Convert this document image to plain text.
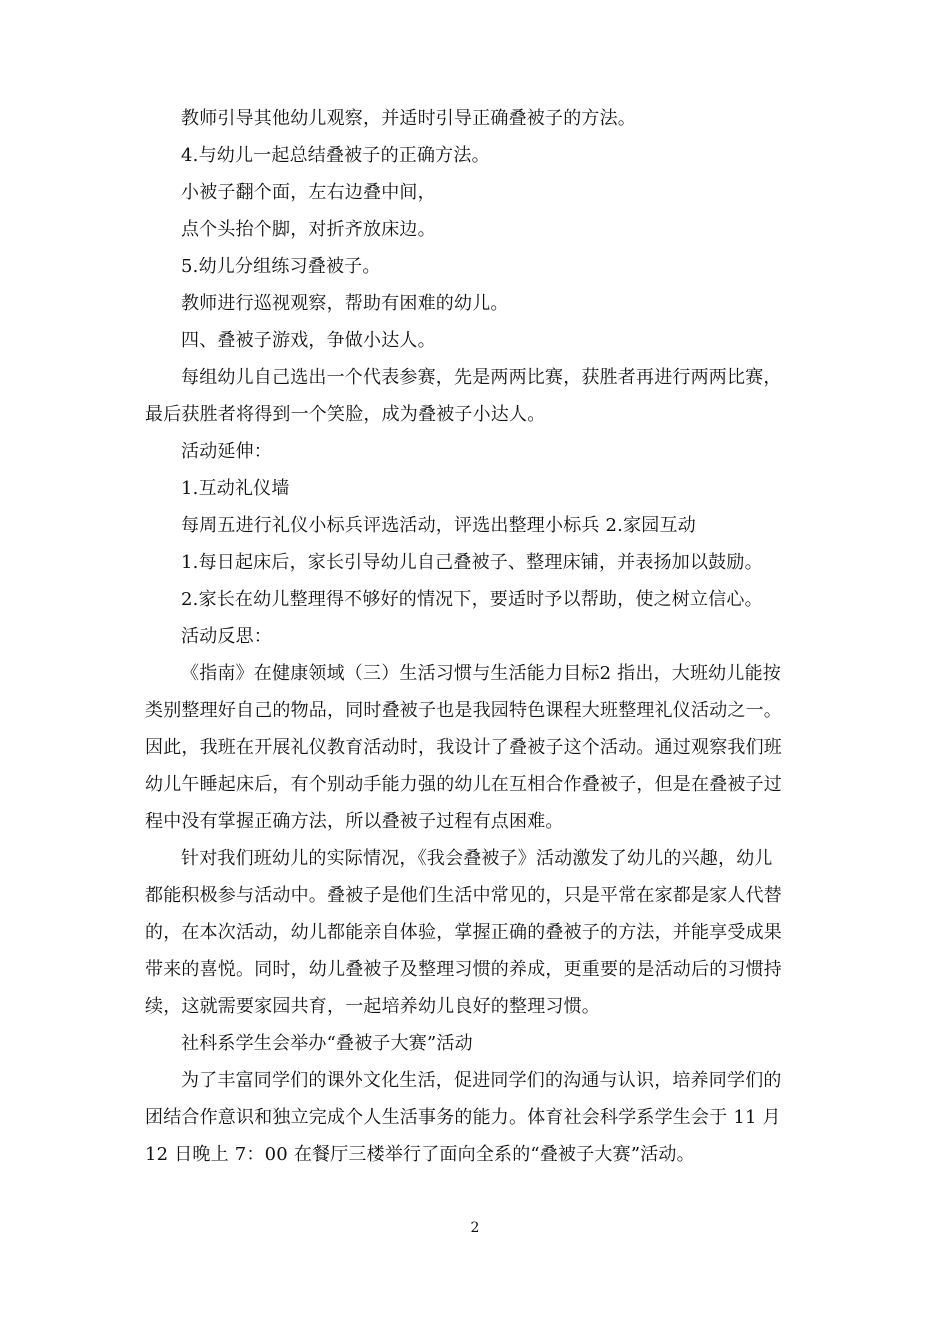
教师引导其他幼儿观察，并适时引导正确叠被子的方法。
4.与幼儿一起总结叠被子的正确方法。
小被子翻个面，左右边叠中间，
点个头抬个脚，对折齐放床边。
5.幼儿分组练习叠被子。
教师进行巡视观察，帮助有困难的幼儿。
四、叠被子游戏，争做小达人。
每组幼儿自己选出一个代表参赛，先是两两比赛，获胜者再进行两两比赛，
最后获胜者将得到一个笑脸，成为叠被子小达人。
活动延伸：
1.互动礼仪墙
每周五进行礼仪小标兵评选活动，评选出整理小标兵 2.家园互动
1.每日起床后，家长引导幼儿自己叠被子、整理床铺，并表扬加以鼓励。
2.家长在幼儿整理得不够好的情况下，要适时予以帮助，使之树立信心。
活动反思：
《指南》在健康领域（三）生活习惯与生活能力目标2 指出，大班幼儿能按
类别整理好自己的物品，同时叠被子也是我园特色课程大班整理礼仪活动之一。
因此，我班在开展礼仪教育活动时，我设计了叠被子这个活动。通过观察我们班
幼儿午睡起床后，有个别动手能力强的幼儿在互相合作叠被子，但是在叠被子过
程中没有掌握正确方法，所以叠被子过程有点困难。
针对我们班幼儿的实际情况，《我会叠被子》活动激发了幼儿的兴趣，幼儿
都能积极参与活动中。叠被子是他们生活中常见的，只是平常在家都是家人代替
的，在本次活动，幼儿都能亲自体验，掌握正确的叠被子的方法，并能享受成果
带来的喜悦。同时，幼儿叠被子及整理习惯的养成，更重要的是活动后的习惯持
续，这就需要家园共育，一起培养幼儿良好的整理习惯。
社科系学生会举办“叠被子大赛”活动
为了丰富同学们的课外文化生活，促进同学们的沟通与认识，培养同学们的
团结合作意识和独立完成个人生活事务的能力。体育社会科学系学生会于 11 月
12 日晚上 7：00 在餐厅三楼举行了面向全系的“叠被子大赛”活动。
2
